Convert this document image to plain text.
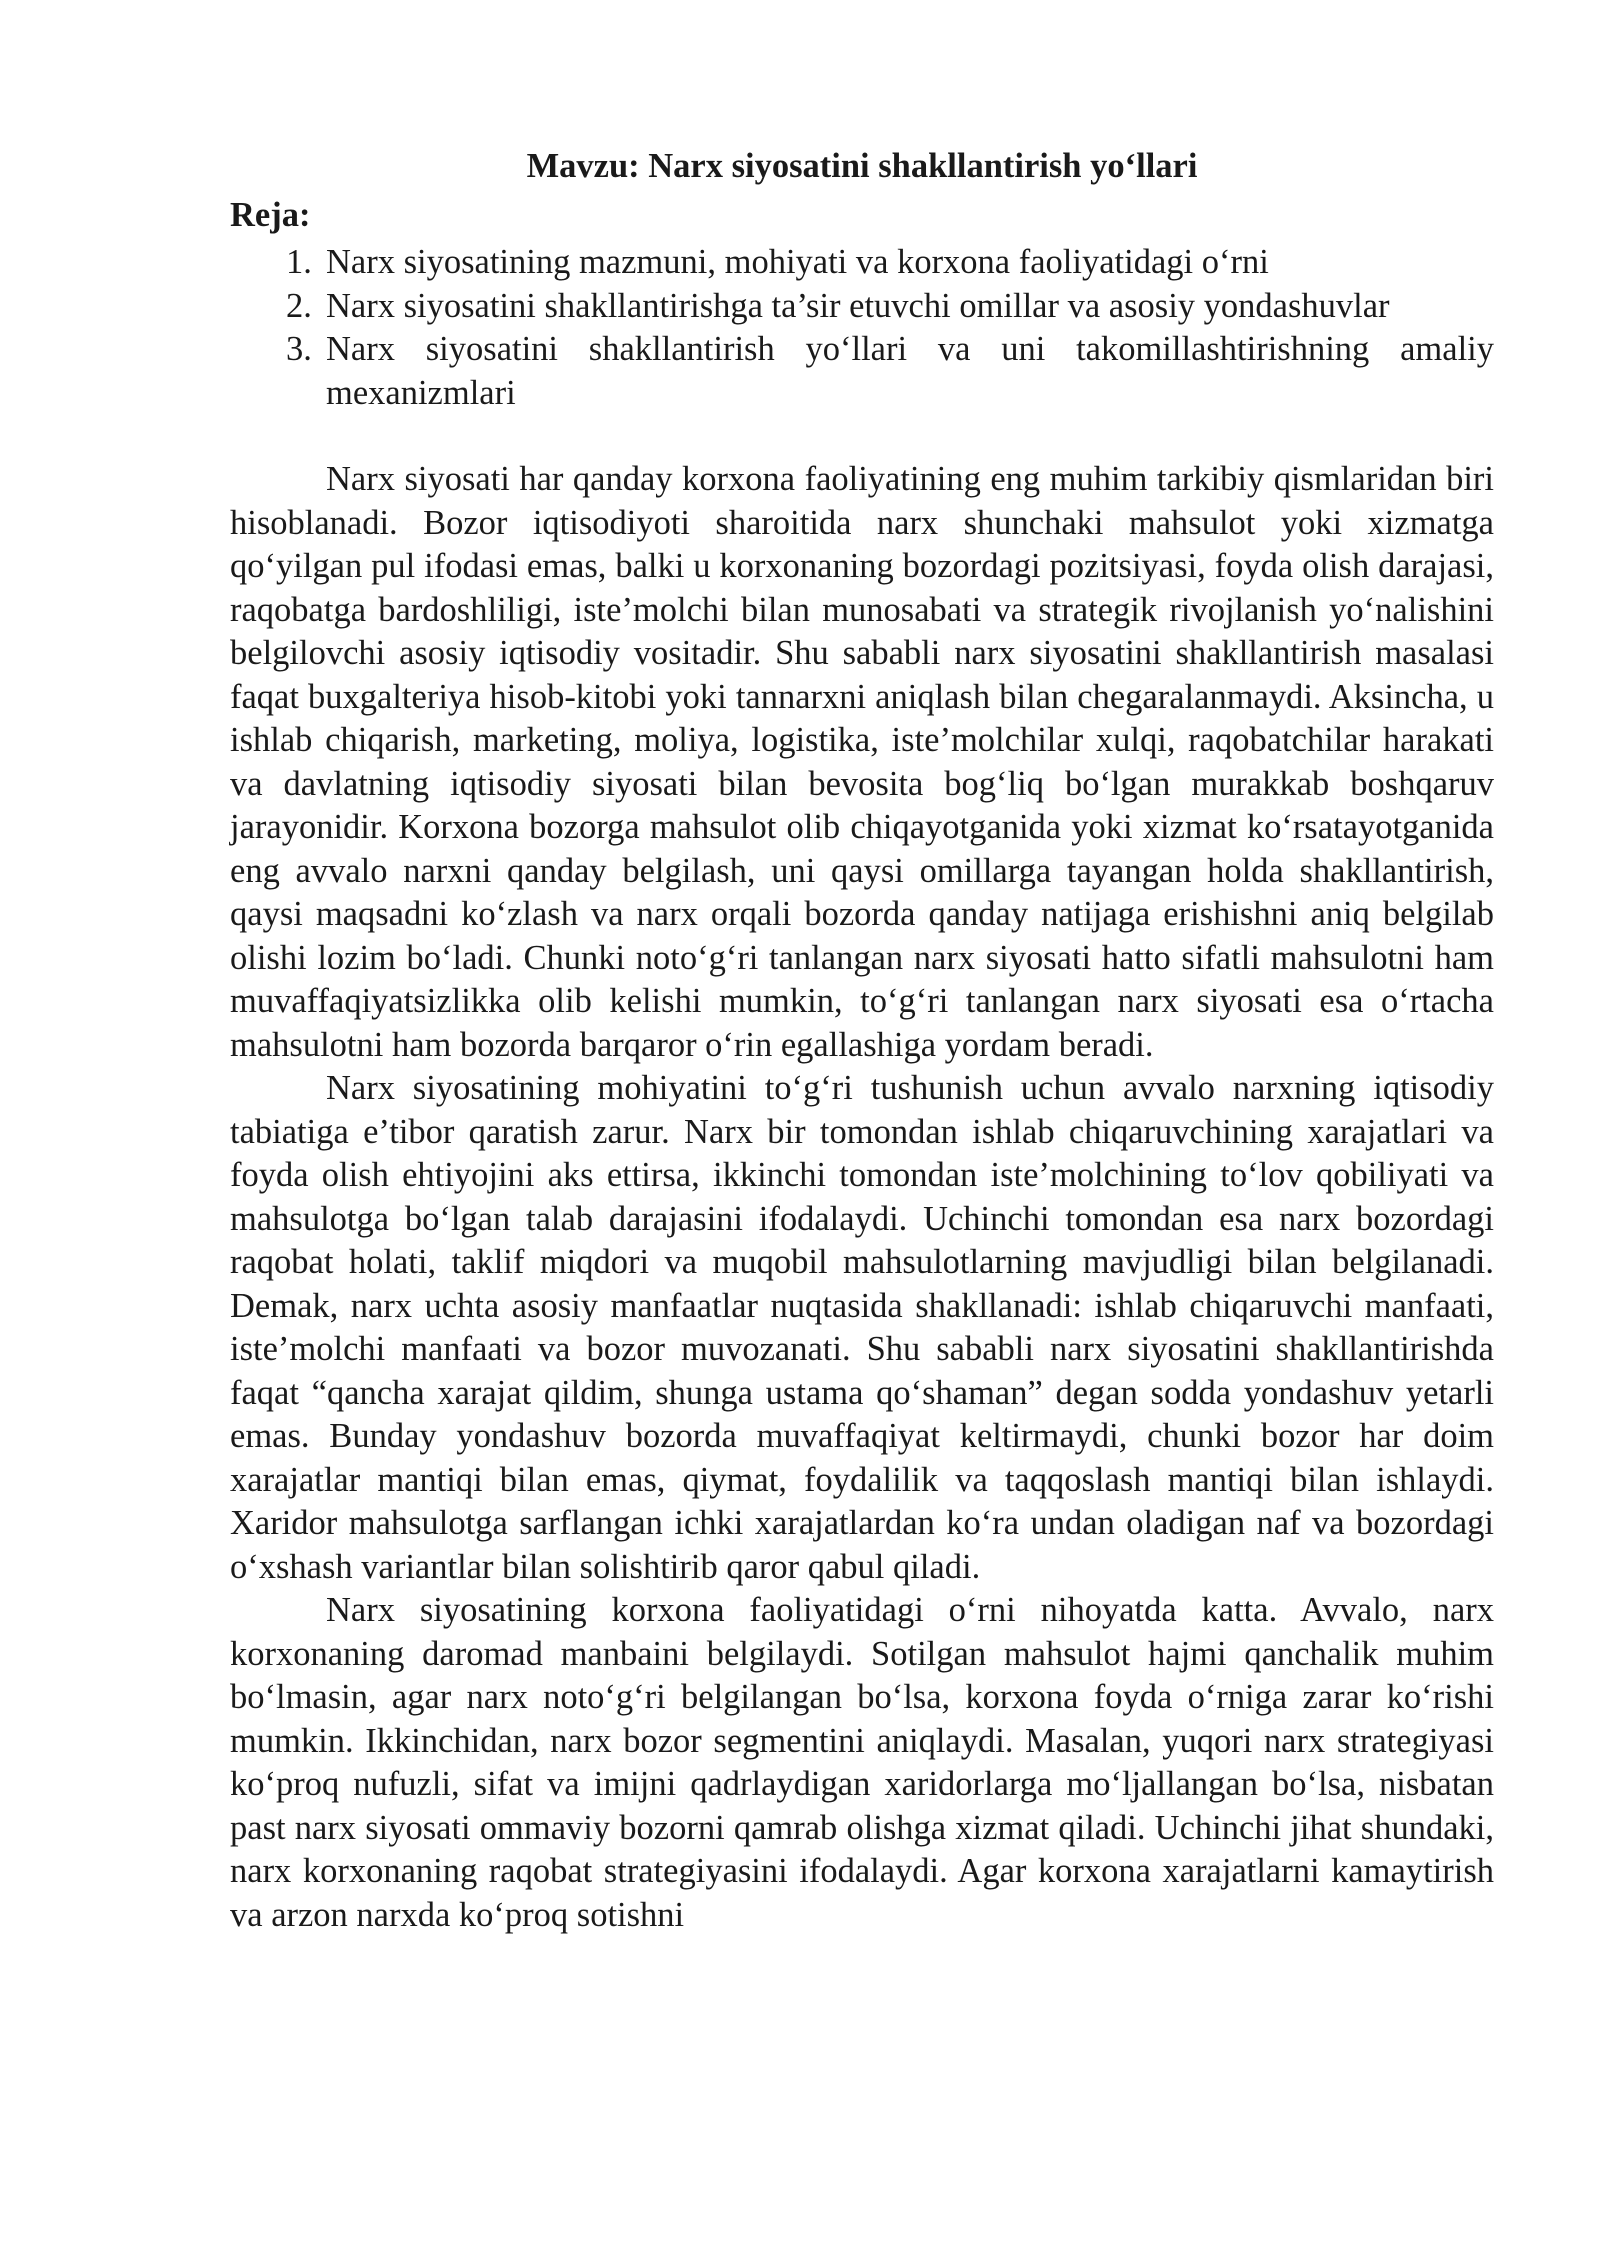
Mavzu: Narx siyosatini shakllantirish yo‘llari
Reja:
1. Narx siyosatining mazmuni, mohiyati va korxona faoliyatidagi o‘rni
2. Narx siyosatini shakllantirishga ta’sir etuvchi omillar va asosiy yondashuvlar
3. Narx siyosatini shakllantirish yo‘llari va uni takomillashtirishning amaliy mexanizmlari

Narx siyosati har qanday korxona faoliyatining eng muhim tarkibiy qismlaridan biri hisoblanadi. Bozor iqtisodiyoti sharoitida narx shunchaki mahsulot yoki xizmatga qo‘yilgan pul ifodasi emas, balki u korxonaning bozordagi pozitsiyasi, foyda olish darajasi, raqobatga bardoshliligi, iste’molchi bilan munosabati va strategik rivojlanish yo‘nalishini belgilovchi asosiy iqtisodiy vositadir. Shu sababli narx siyosatini shakllantirish masalasi faqat buxgalteriya hisob-kitobi yoki tannarxni aniqlash bilan chegaralanmaydi. Aksincha, u ishlab chiqarish, marketing, moliya, logistika, iste’molchilar xulqi, raqobatchilar harakati va davlatning iqtisodiy siyosati bilan bevosita bog‘liq bo‘lgan murakkab boshqaruv jarayonidir. Korxona bozorga mahsulot olib chiqayotganida yoki xizmat ko‘rsatayotganida eng avvalo narxni qanday belgilash, uni qaysi omillarga tayangan holda shakllantirish, qaysi maqsadni ko‘zlash va narx orqali bozorda qanday natijaga erishishni aniq belgilab olishi lozim bo‘ladi. Chunki noto‘g‘ri tanlangan narx siyosati hatto sifatli mahsulotni ham muvaffaqiyatsizlikka olib kelishi mumkin, to‘g‘ri tanlangan narx siyosati esa o‘rtacha mahsulotni ham bozorda barqaror o‘rin egallashiga yordam beradi.

Narx siyosatining mohiyatini to‘g‘ri tushunish uchun avvalo narxning iqtisodiy tabiatiga e’tibor qaratish zarur. Narx bir tomondan ishlab chiqaruvchining xarajatlari va foyda olish ehtiyojini aks ettirsa, ikkinchi tomondan iste’molchining to‘lov qobiliyati va mahsulotga bo‘lgan talab darajasini ifodalaydi. Uchinchi tomondan esa narx bozordagi raqobat holati, taklif miqdori va muqobil mahsulotlarning mavjudligi bilan belgilanadi. Demak, narx uchta asosiy manfaatlar nuqtasida shakllanadi: ishlab chiqaruvchi manfaati, iste’molchi manfaati va bozor muvozanati. Shu sababli narx siyosatini shakllantirishda faqat “qancha xarajat qildim, shunga ustama qo‘shaman” degan sodda yondashuv yetarli emas. Bunday yondashuv bozorda muvaffaqiyat keltirmaydi, chunki bozor har doim xarajatlar mantiqi bilan emas, qiymat, foydalilik va taqqoslash mantiqi bilan ishlaydi. Xaridor mahsulotga sarflangan ichki xarajatlardan ko‘ra undan oladigan naf va bozordagi o‘xshash variantlar bilan solishtirib qaror qabul qiladi.

Narx siyosatining korxona faoliyatidagi o‘rni nihoyatda katta. Avvalo, narx korxonaning daromad manbaini belgilaydi. Sotilgan mahsulot hajmi qanchalik muhim bo‘lmasin, agar narx noto‘g‘ri belgilangan bo‘lsa, korxona foyda o‘rniga zarar ko‘rishi mumkin. Ikkinchidan, narx bozor segmentini aniqlaydi. Masalan, yuqori narx strategiyasi ko‘proq nufuzli, sifat va imijni qadrlaydigan xaridorlarga mo‘ljallangan bo‘lsa, nisbatan past narx siyosati ommaviy bozorni qamrab olishga xizmat qiladi. Uchinchi jihat shundaki, narx korxonaning raqobat strategiyasini ifodalaydi. Agar korxona xarajatlarni kamaytirish va arzon narxda ko‘proq sotishni
